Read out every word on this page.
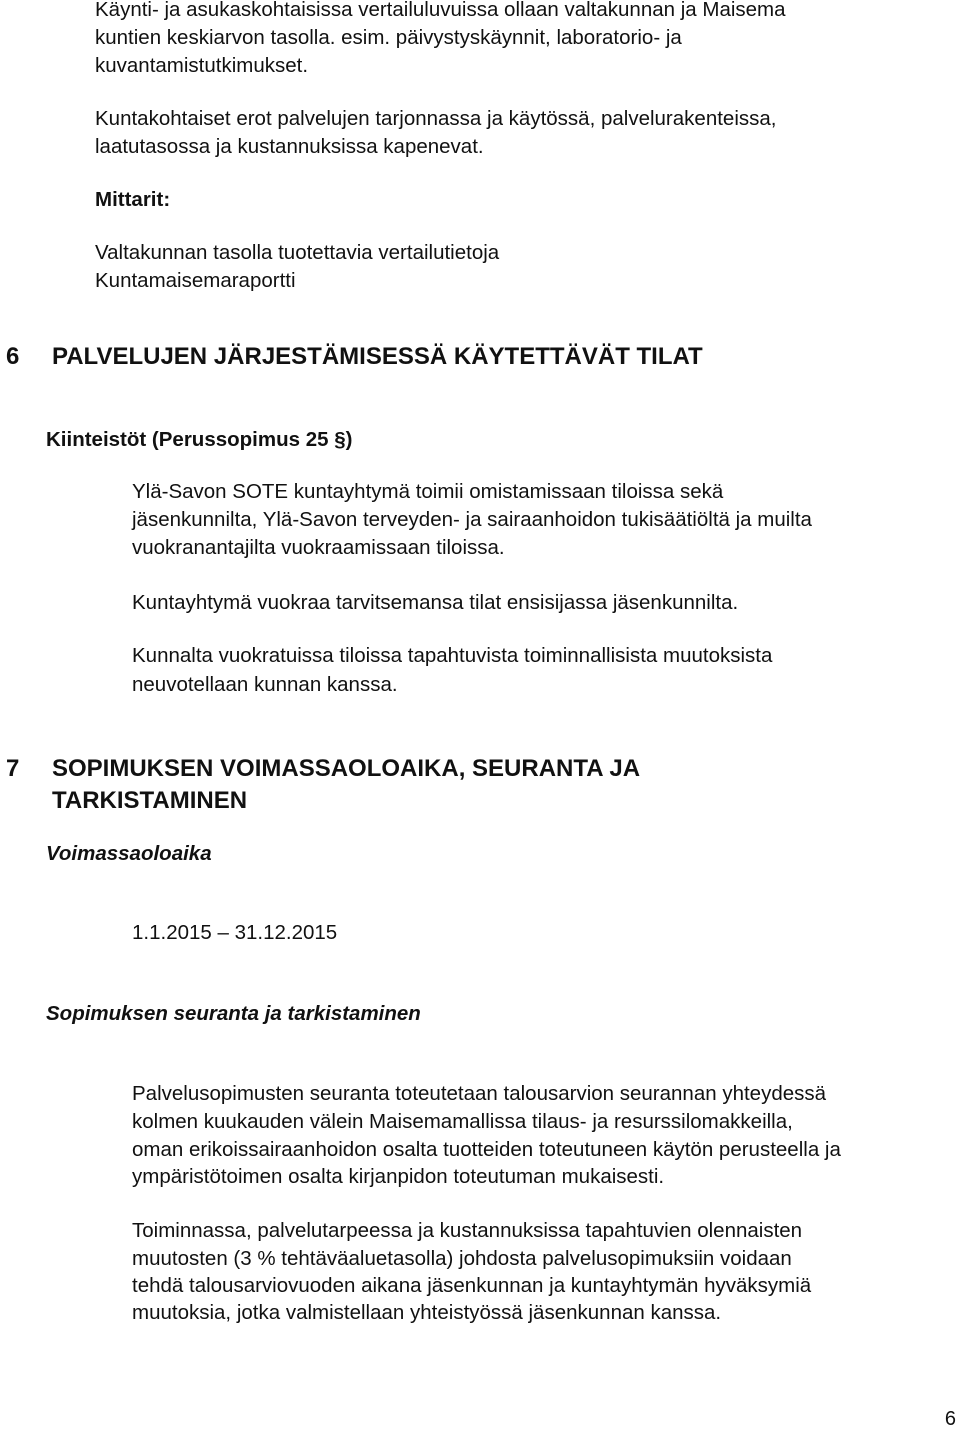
Käynti- ja asukaskohtaisissa vertailuluvuissa ollaan valtakunnan ja Maisema
kuntien keskiarvon tasolla. esim. päivystyskäynnit, laboratorio- ja
kuvantamistutkimukset.
Kuntakohtaiset erot palvelujen tarjonnassa ja käytössä, palvelurakenteissa,
laatutasossa ja kustannuksissa kapenevat.
Mittarit:
Valtakunnan tasolla tuotettavia vertailutietoja
Kuntamaisemaraportti
6 PALVELUJEN JÄRJESTÄMISESSÄ KÄYTETTÄVÄT TILAT
Kiinteistöt (Perussopimus 25 §)
Ylä-Savon SOTE kuntayhtymä toimii omistamissaan tiloissa sekä
jäsenkunnilta, Ylä-Savon terveyden- ja sairaanhoidon tukisäätiöltä ja muilta
vuokranantajilta vuokraamissaan tiloissa.
Kuntayhtymä vuokraa tarvitsemansa tilat ensisijassa jäsenkunnilta.
Kunnalta vuokratuissa tiloissa tapahtuvista toiminnallisista muutoksista
neuvotellaan kunnan kanssa.
7 SOPIMUKSEN VOIMASSAOLOAIKA, SEURANTA JA
TARKISTAMINEN
Voimassaoloaika
1.1.2015 – 31.12.2015
Sopimuksen seuranta ja tarkistaminen
Palvelusopimusten seuranta toteutetaan talousarvion seurannan yhteydessä
kolmen kuukauden välein Maisemamallissa tilaus- ja resurssilomakkeilla,
oman erikoissairaanhoidon osalta tuotteiden toteutuneen käytön perusteella ja
ympäristötoimen osalta kirjanpidon toteutuman mukaisesti.
Toiminnassa, palvelutarpeessa ja kustannuksissa tapahtuvien olennaisten
muutosten (3 % tehtäväaluetasolla) johdosta palvelusopimuksiin voidaan
tehdä talousarviovuoden aikana jäsenkunnan ja kuntayhtymän hyväksymiä
muutoksia, jotka valmistellaan yhteistyössä jäsenkunnan kanssa.
6
